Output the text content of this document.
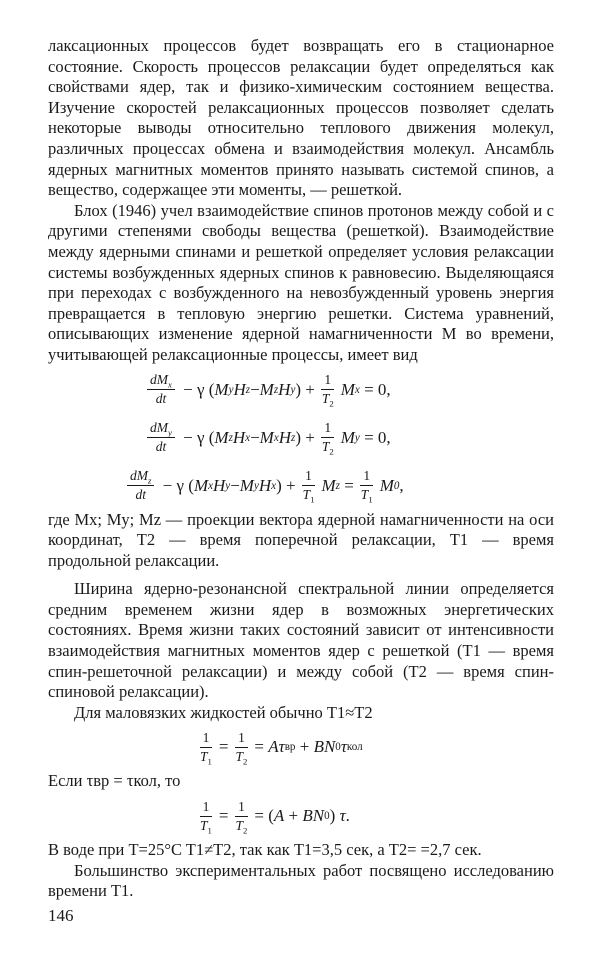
лаксационных процессов будет возвращать его в стационарное состояние. Скорость процессов релаксации будет определяться как свойствами ядер, так и физико-химическим состоянием вещества. Изучение скоростей релаксационных процессов позволяет сделать некоторые выводы относительно теплового движения молекул, различных процессах обмена и взаимодействия молекул. Ансамбль ядерных магнитных моментов принято называть системой спинов, а вещество, содержащее эти моменты, — решеткой.

Блох (1946) учел взаимодействие спинов протонов между собой и с другими степенями свободы вещества (решеткой). Взаимодействие между ядерными спинами и решеткой определяет условия релаксации системы возбужденных ядерных спинов к равновесию. Выделяющаяся при переходах с возбужденного на невозбужденный уровень энергия превращается в тепловую энергию решетки. Система уравнений, описывающих изменение ядерной намагниченности M во времени, учитывающей релаксационные процессы, имеет вид

$\frac{dM_x}{dt} - \gamma$ ( M y H z − M z H y ) + $\frac{1}{T_2}$ M x = 0,
$\frac{dM_y}{dt} - \gamma$ ( M z H x − M x H z ) + $\frac{1}{T_2}$ M y = 0,
$\frac{dM_z}{dt} - \gamma$ ( M x H y − M y H x ) + $\frac{1}{T_1}$ M $z = \frac{1}{T_1}$ M 0 ,

где Mx; My; Mz — проекции вектора ядерной намагниченности на оси координат, T2 — время поперечной релаксации, T1 — время продольной релаксации.

Ширина ядерно-резонансной спектральной линии определяется средним временем жизни ядер в возможных энергетических состояниях. Время жизни таких состояний зависит от интенсивности взаимодействия магнитных моментов ядер с решеткой (T1 — время спин-решеточной релаксации) и между собой (T2 — время спин-спиновой релаксации).

Для маловязких жидкостей обычно T1≈T2

$\frac{1}{T_1} = \frac{1}{T_2} = A\tau$ вр + BN 0 τ кол

Если τвр = τкол, то

$\frac{1}{T_1} = \frac{1}{T_2}$ = ( A + BN 0 ) τ .

В воде при T=25°C T1≠T2, так как T1=3,5 сек, а T2= =2,7 сек.

Большинство экспериментальных работ посвящено исследованию времени T1.

146
